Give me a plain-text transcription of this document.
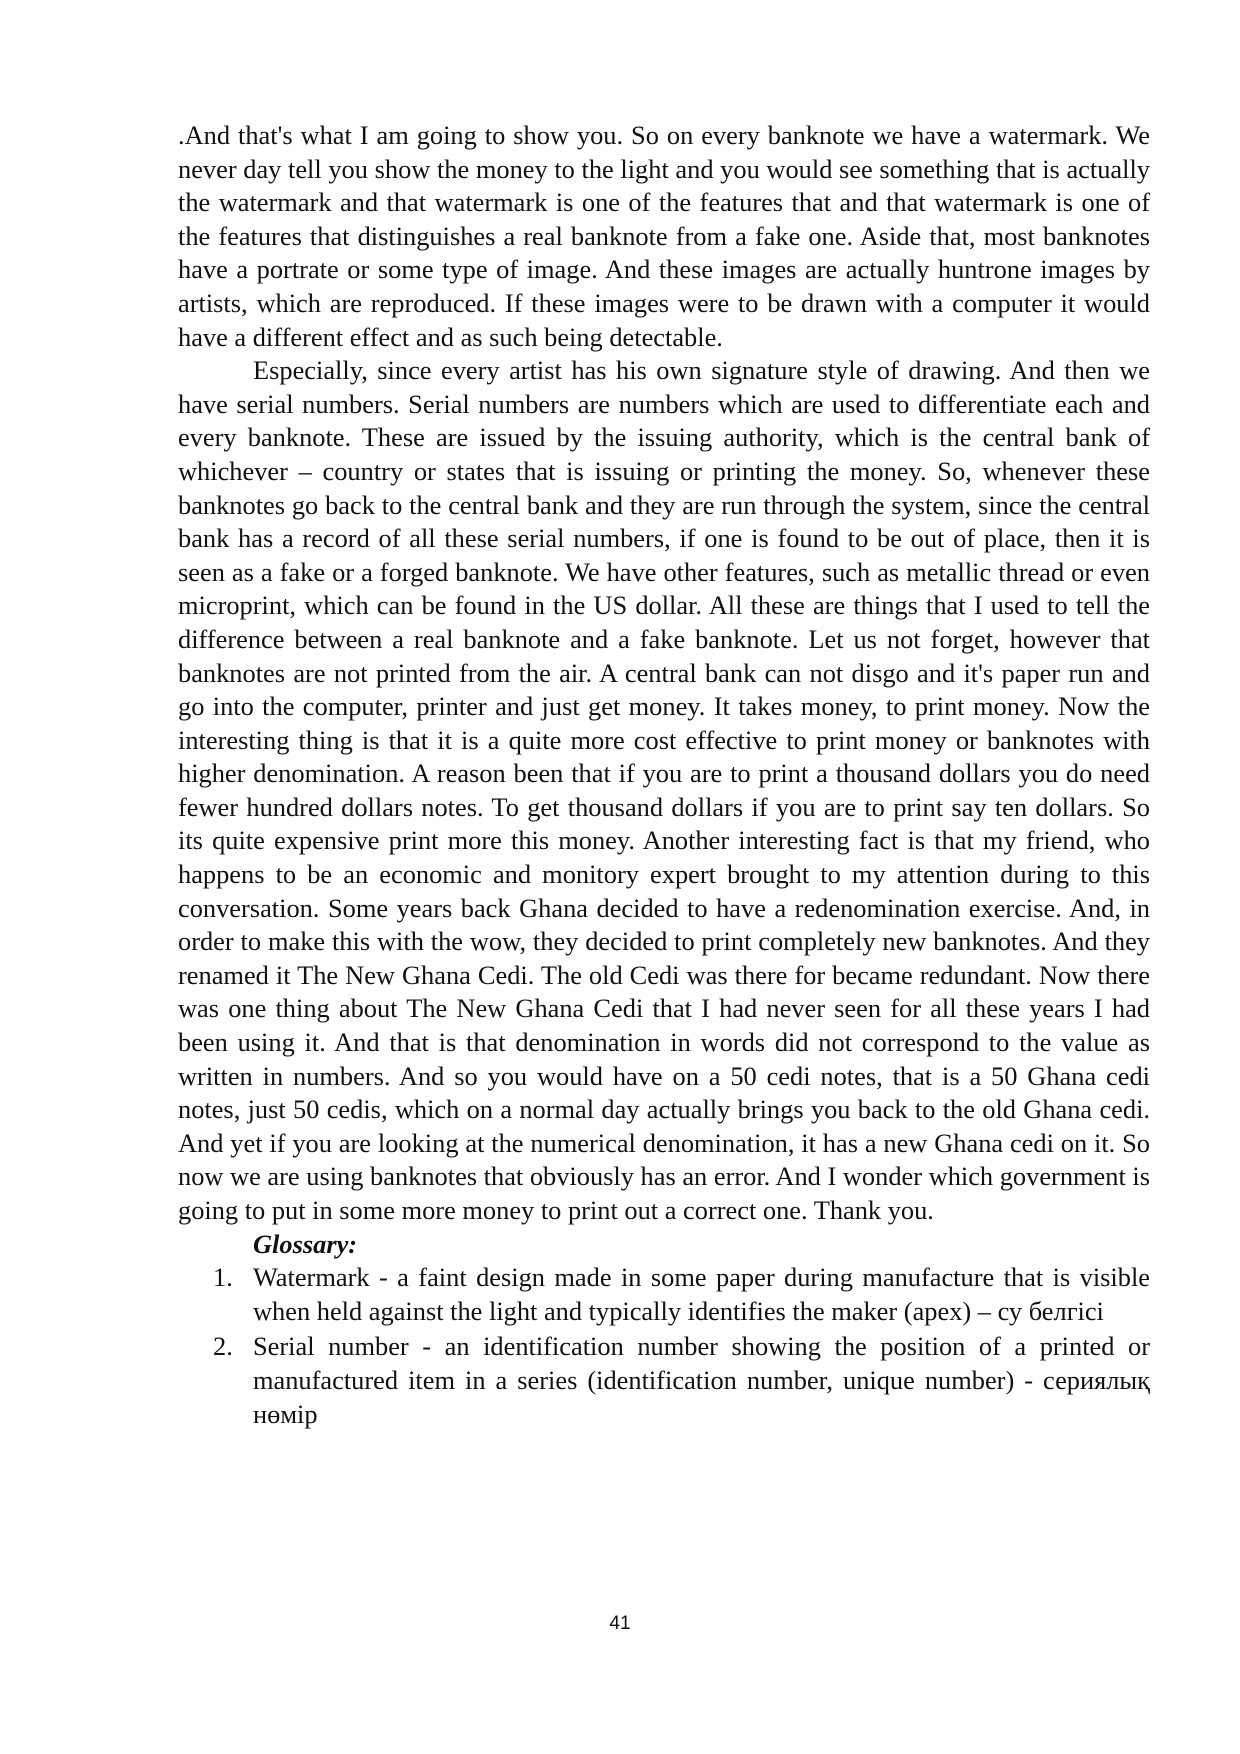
.And that's what I am going to show you. So on every banknote we have a watermark. We never day tell you show the money to the light and you would see something that is actually the watermark and that watermark is one of the features that and that watermark is one of the features that distinguishes a real banknote from a fake one. Aside that, most banknotes have a portrate or some type of image. And these images are actually huntrone images by artists, which are reproduced. If these images were to be drawn with a computer it would have a different effect and as such being detectable.

Especially, since every artist has his own signature style of drawing. And then we have serial numbers. Serial numbers are numbers which are used to differentiate each and every banknote. These are issued by the issuing authority, which is the central bank of whichever – country or states that is issuing or printing the money. So, whenever these banknotes go back to the central bank and they are run through the system, since the central bank has a record of all these serial numbers, if one is found to be out of place, then it is seen as a fake or a forged banknote. We have other features, such as metallic thread or even microprint, which can be found in the US dollar. All these are things that I used to tell the difference between a real banknote and a fake banknote. Let us not forget, however that banknotes are not printed from the air. A central bank can not disgo and it's paper run and go into the computer, printer and just get money. It takes money, to print money. Now the interesting thing is that it is a quite more cost effective to print money or banknotes with higher denomination. A reason been that if you are to print a thousand dollars you do need fewer hundred dollars notes. To get thousand dollars if you are to print say ten dollars. So its quite expensive print more this money. Another interesting fact is that my friend, who happens to be an economic and monitory expert brought to my attention during to this conversation. Some years back Ghana decided to have a redenomination exercise. And, in order to make this with the wow, they decided to print completely new banknotes. And they renamed it The New Ghana Cedi. The old Cedi was there for became redundant. Now there was one thing about The New Ghana Cedi that I had never seen for all these years I had been using it. And that is that denomination in words did not correspond to the value as written in numbers. And so you would have on a 50 cedi notes, that is a 50 Ghana cedi notes, just 50 cedis, which on a normal day actually brings you back to the old Ghana cedi. And yet if you are looking at the numerical denomination, it has a new Ghana cedi on it. So now we are using banknotes that obviously has an error. And I wonder which government is going to put in some more money to print out a correct one. Thank you.

Glossary:

1. Watermark - a faint design made in some paper during manufacture that is visible when held against the light and typically identifies the maker (apex) – су белгісі
2. Serial number - an identification number showing the position of a printed or manufactured item in a series (identification number, unique number) - сериялық нөмір
41
